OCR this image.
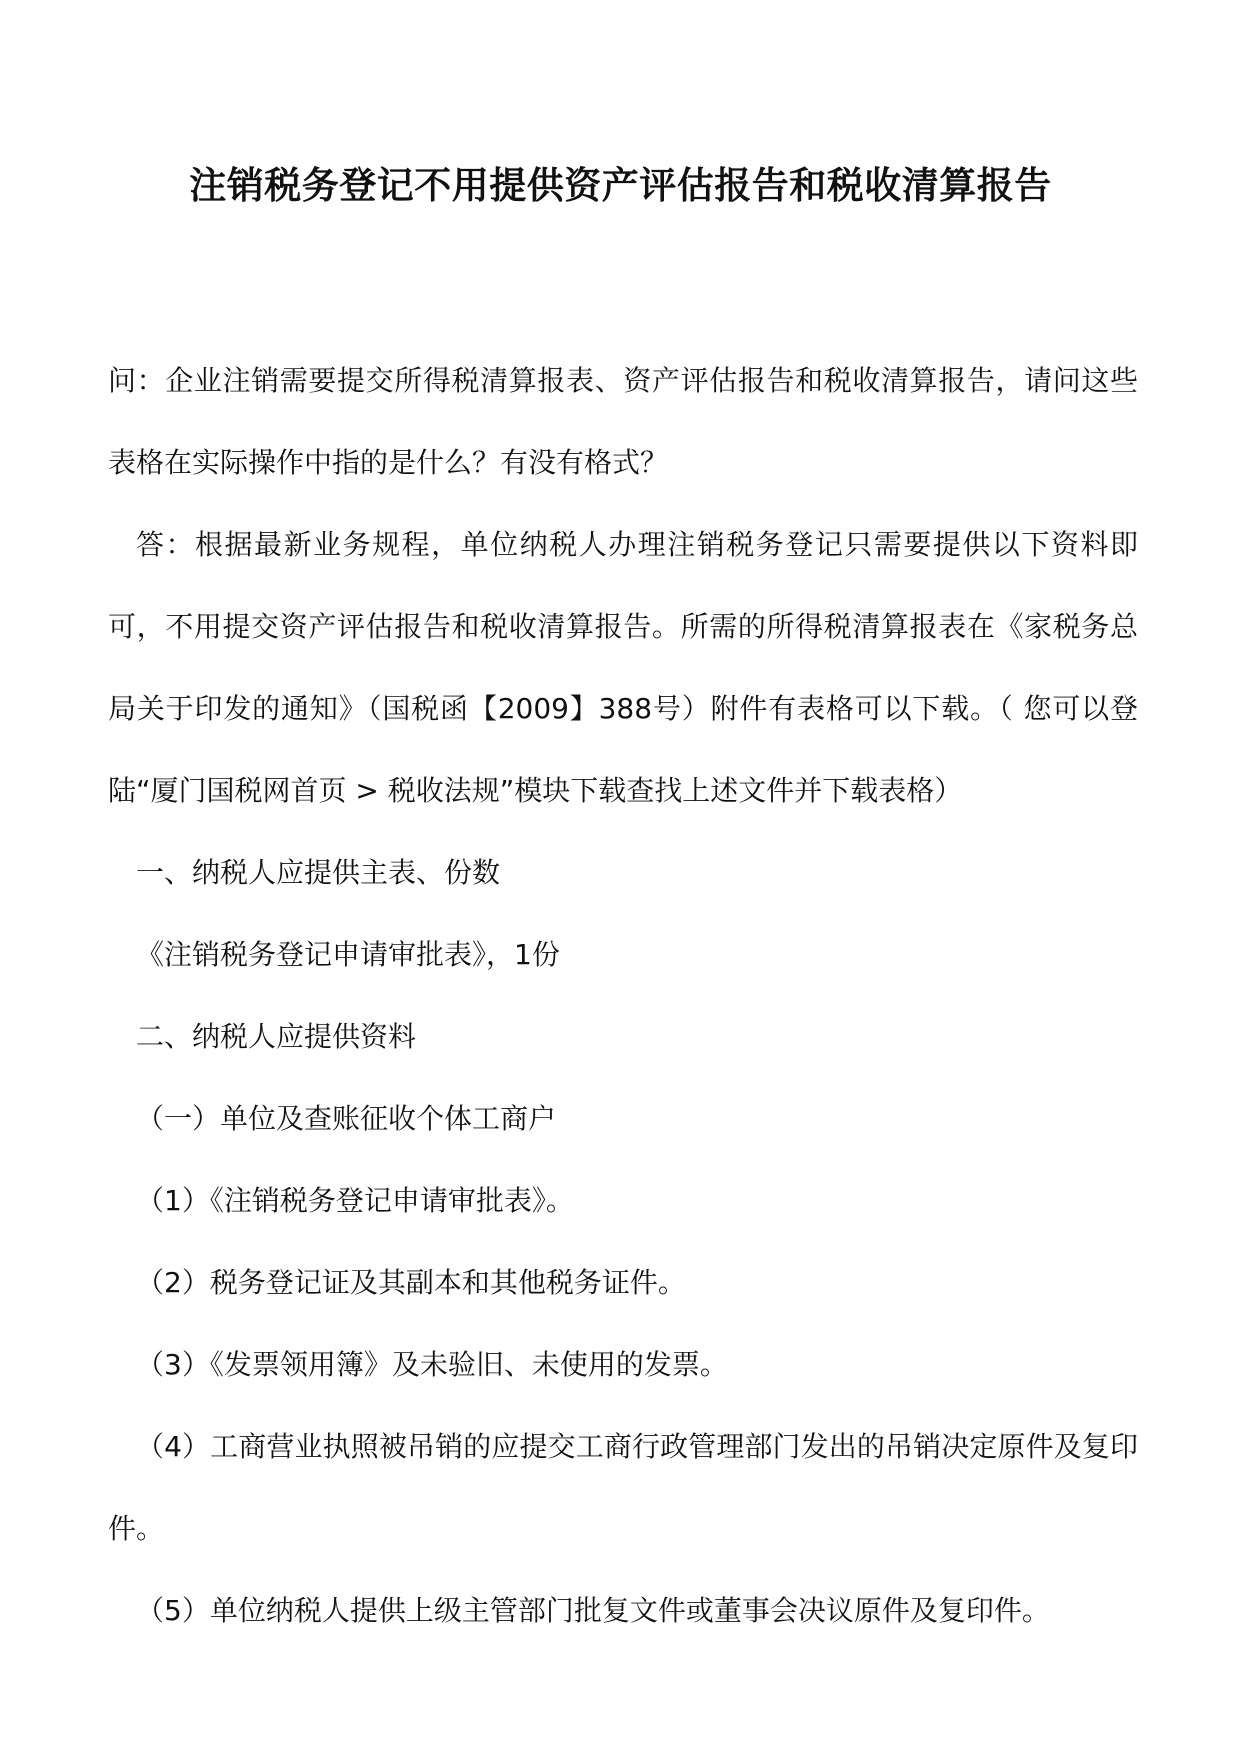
注销税务登记不用提供资产评估报告和税收清算报告

问：企业注销需要提交所得税清算报表、资产评估报告和税收清算报告，请问这些表格在实际操作中指的是什么？有没有格式？

答：根据最新业务规程，单位纳税人办理注销税务登记只需要提供以下资料即可，不用提交资产评估报告和税收清算报告。所需的所得税清算报表在《家税务总局关于印发的通知》（国税函【2009】388号）附件有表格可以下载。（ 您可以登陆“厦门国税网首页 > 税收法规”模块下载查找上述文件并下载表格）

一、纳税人应提供主表、份数

《注销税务登记申请审批表》，1份

二、纳税人应提供资料

（一）单位及查账征收个体工商户

（1）《注销税务登记申请审批表》。

（2）税务登记证及其副本和其他税务证件。

（3）《发票领用簿》及未验旧、未使用的发票。

（4）工商营业执照被吊销的应提交工商行政管理部门发出的吊销决定原件及复印件。

（5）单位纳税人提供上级主管部门批复文件或董事会决议原件及复印件。
